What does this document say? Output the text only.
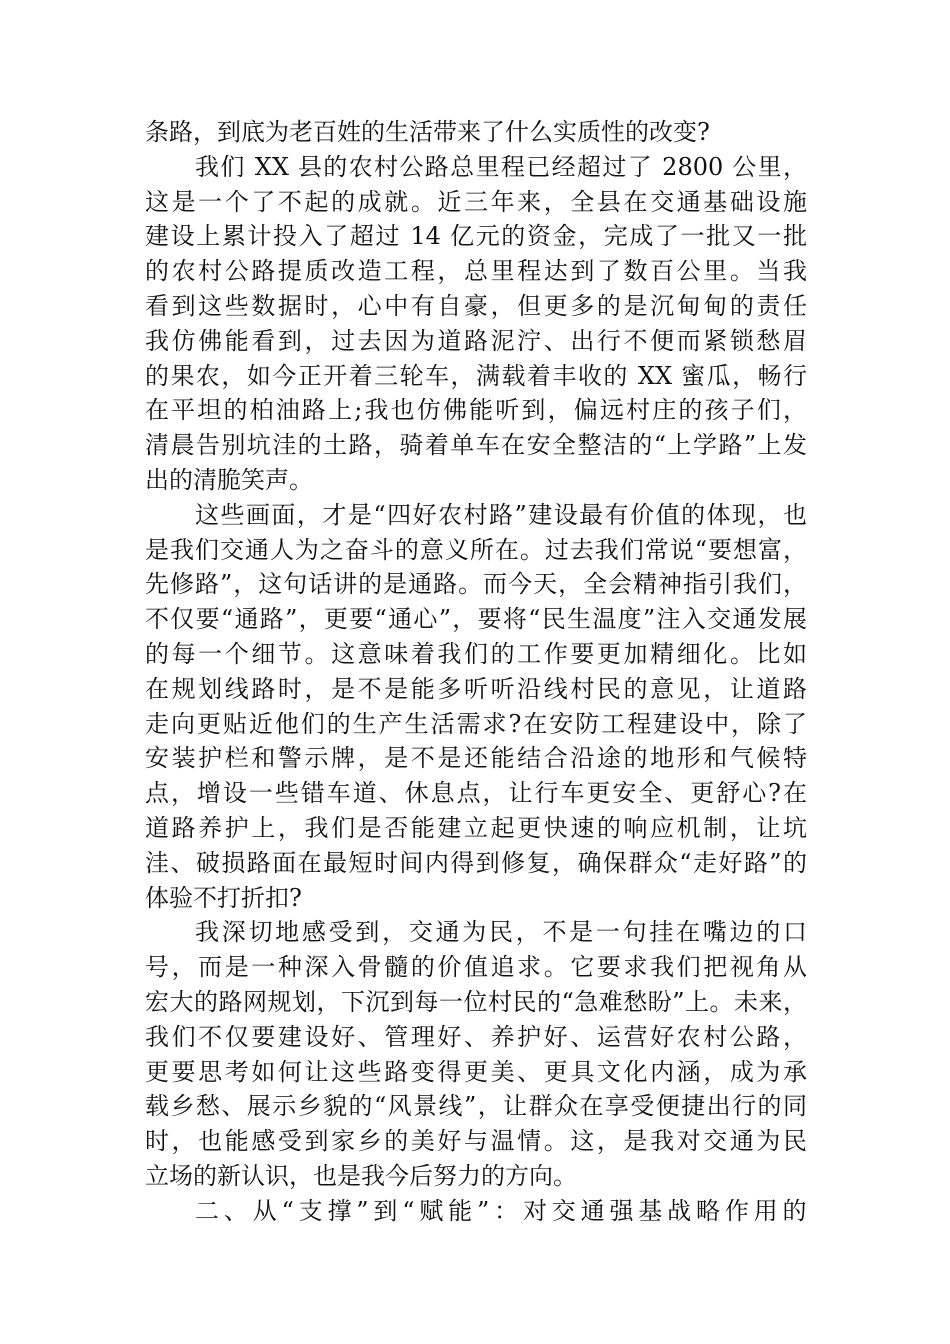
条路，到底为老百姓的生活带来了什么实质性的改变?
我们 XX 县的农村公路总里程已经超过了 2800 公里，
这是一个了不起的成就。近三年来，全县在交通基础设施
建设上累计投入了超过 14 亿元的资金，完成了一批又一批
的农村公路提质改造工程，总里程达到了数百公里。当我
看到这些数据时，心中有自豪，但更多的是沉甸甸的责任
我仿佛能看到，过去因为道路泥泞、出行不便而紧锁愁眉
的果农，如今正开着三轮车，满载着丰收的 XX 蜜瓜，畅行
在平坦的柏油路上;我也仿佛能听到，偏远村庄的孩子们，
清晨告别坑洼的土路，骑着单车在安全整洁的“上学路”上发
出的清脆笑声。
这些画面，才是“四好农村路”建设最有价值的体现，也
是我们交通人为之奋斗的意义所在。过去我们常说“要想富，
先修路”，这句话讲的是通路。而今天，全会精神指引我们，
不仅要“通路”，更要“通心”，要将“民生温度”注入交通发展
的每一个细节。这意味着我们的工作要更加精细化。比如
在规划线路时，是不是能多听听沿线村民的意见，让道路
走向更贴近他们的生产生活需求?在安防工程建设中，除了
安装护栏和警示牌，是不是还能结合沿途的地形和气候特
点，增设一些错车道、休息点，让行车更安全、更舒心?在
道路养护上，我们是否能建立起更快速的响应机制，让坑
洼、破损路面在最短时间内得到修复，确保群众“走好路”的
体验不打折扣?
我深切地感受到，交通为民，不是一句挂在嘴边的口
号，而是一种深入骨髓的价值追求。它要求我们把视角从
宏大的路网规划，下沉到每一位村民的“急难愁盼”上。未来，
我们不仅要建设好、管理好、养护好、运营好农村公路，
更要思考如何让这些路变得更美、更具文化内涵，成为承
载乡愁、展示乡貌的“风景线”，让群众在享受便捷出行的同
时，也能感受到家乡的美好与温情。这，是我对交通为民
立场的新认识，也是我今后努力的方向。
二、从“支撑”到“赋能”：对交通强基战略作用的
